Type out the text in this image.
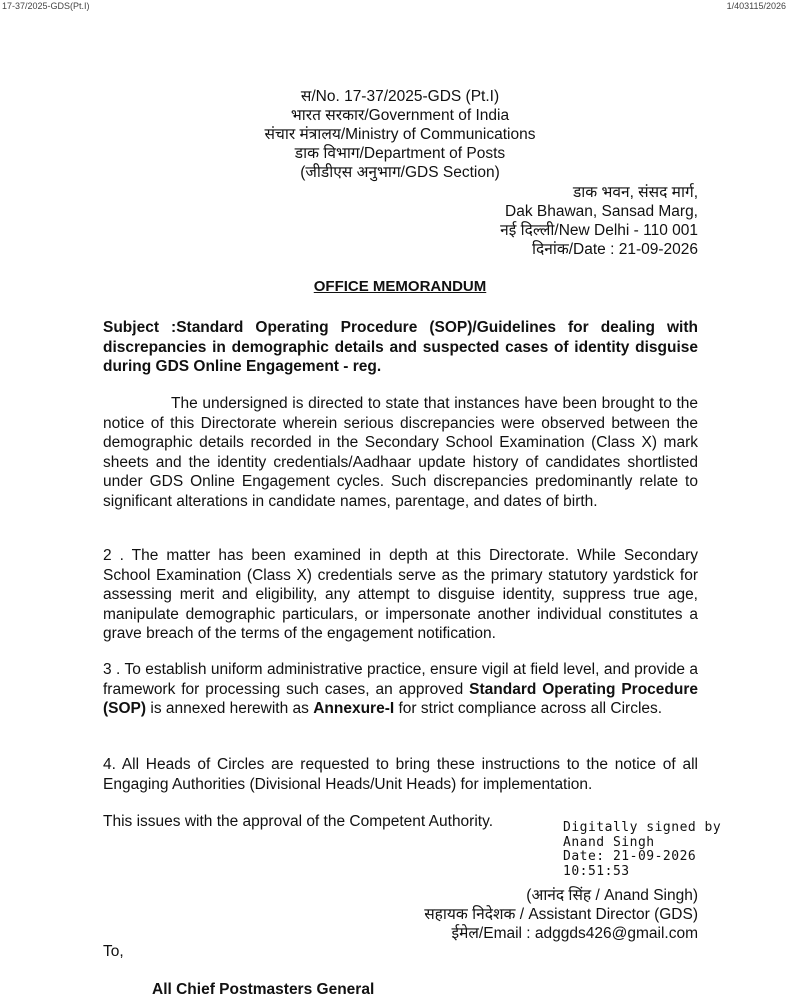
17-37/2025-GDS(Pt.I)	1/403115/2026
स/No. 17-37/2025-GDS (Pt.I)
भारत सरकार/Government of India
संचार मंत्रालय/Ministry of Communications
डाक विभाग/Department of Posts
(जीडीएस अनुभाग/GDS Section)
डाक भवन, संसद मार्ग,
Dak Bhawan, Sansad Marg,
नई दिल्ली/New Delhi - 110 001
दिनांक/Date : 21-09-2026
OFFICE MEMORANDUM
Subject :Standard Operating Procedure (SOP)/Guidelines for dealing with discrepancies in demographic details and suspected cases of identity disguise during GDS Online Engagement - reg.
The undersigned is directed to state that instances have been brought to the notice of this Directorate wherein serious discrepancies were observed between the demographic details recorded in the Secondary School Examination (Class X) mark sheets and the identity credentials/Aadhaar update history of candidates shortlisted under GDS Online Engagement cycles. Such discrepancies predominantly relate to significant alterations in candidate names, parentage, and dates of birth.
2 . The matter has been examined in depth at this Directorate. While Secondary School Examination (Class X) credentials serve as the primary statutory yardstick for assessing merit and eligibility, any attempt to disguise identity, suppress true age, manipulate demographic particulars, or impersonate another individual constitutes a grave breach of the terms of the engagement notification.
3 . To establish uniform administrative practice, ensure vigil at field level, and provide a framework for processing such cases, an approved Standard Operating Procedure (SOP) is annexed herewith as Annexure-I for strict compliance across all Circles.
4. All Heads of Circles are requested to bring these instructions to the notice of all Engaging Authorities (Divisional Heads/Unit Heads) for implementation.
This issues with the approval of the Competent Authority.	Digitally signed by
Anand Singh
Date: 21-09-2026
10:51:53
(आनंद सिंह / Anand Singh)
सहायक निदेशक / Assistant Director (GDS)
ईमेल/Email : adggds426@gmail.com
To,
All Chief Postmasters General
